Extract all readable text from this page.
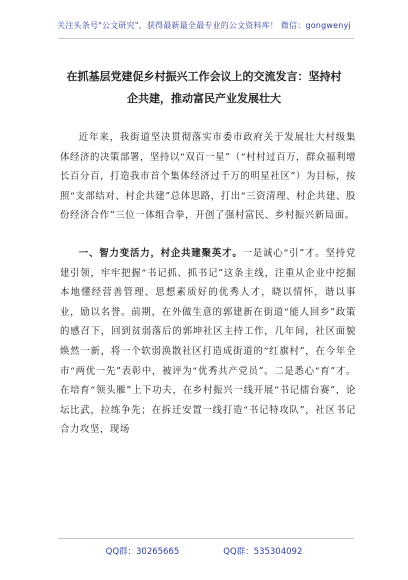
关注头条号"公文研究"，获得最新最全最专业的公文资料库！ 微信：gongwenyj
在抓基层党建促乡村振兴工作会议上的交流发言：坚持村
企共建，推动富民产业发展壮大

近年来，我街道坚决贯彻落实市委市政府关于发展壮大村级集体经济的决策部署，坚持以“双百一星”（“村村过百万，群众福利增长百分百，打造我市首个集体经济过千万的明星社区”）为目标，按照“支部结对、村企共建”总体思路，打出“三资清理、村企共建、股份经济合作”三位一体组合拳，开创了强村富民、乡村振兴新局面。

一、智力变活力，村企共建聚英才。一是诚心“引”才。坚持党建引领，牢牢把握“书记抓、抓书记”这条主线，注重从企业中挖掘本地懂经营善管理、思想素质好的优秀人才，晓以情怀，谐以事业，励以名誉。前期，在外做生意的郭建新在街道“能人回乡”政策的感召下，回到贫弱落后的郭坤社区主持工作，几年间，社区面貌焕然一新，将一个软弱涣散社区打造成街道的“红旗村”，在今年全市“两优一先”表彰中，被评为“优秀共产党员”。二是悉心“育”才。在培育“领头雁”上下功夫，在乡村振兴一线开展“书记擂台赛”，论坛比武，拉练争先；在拆迁安置一线打造“书记特攻队”，社区书记合力攻坚，现场

QQ群：30265665	QQ群：535304092
